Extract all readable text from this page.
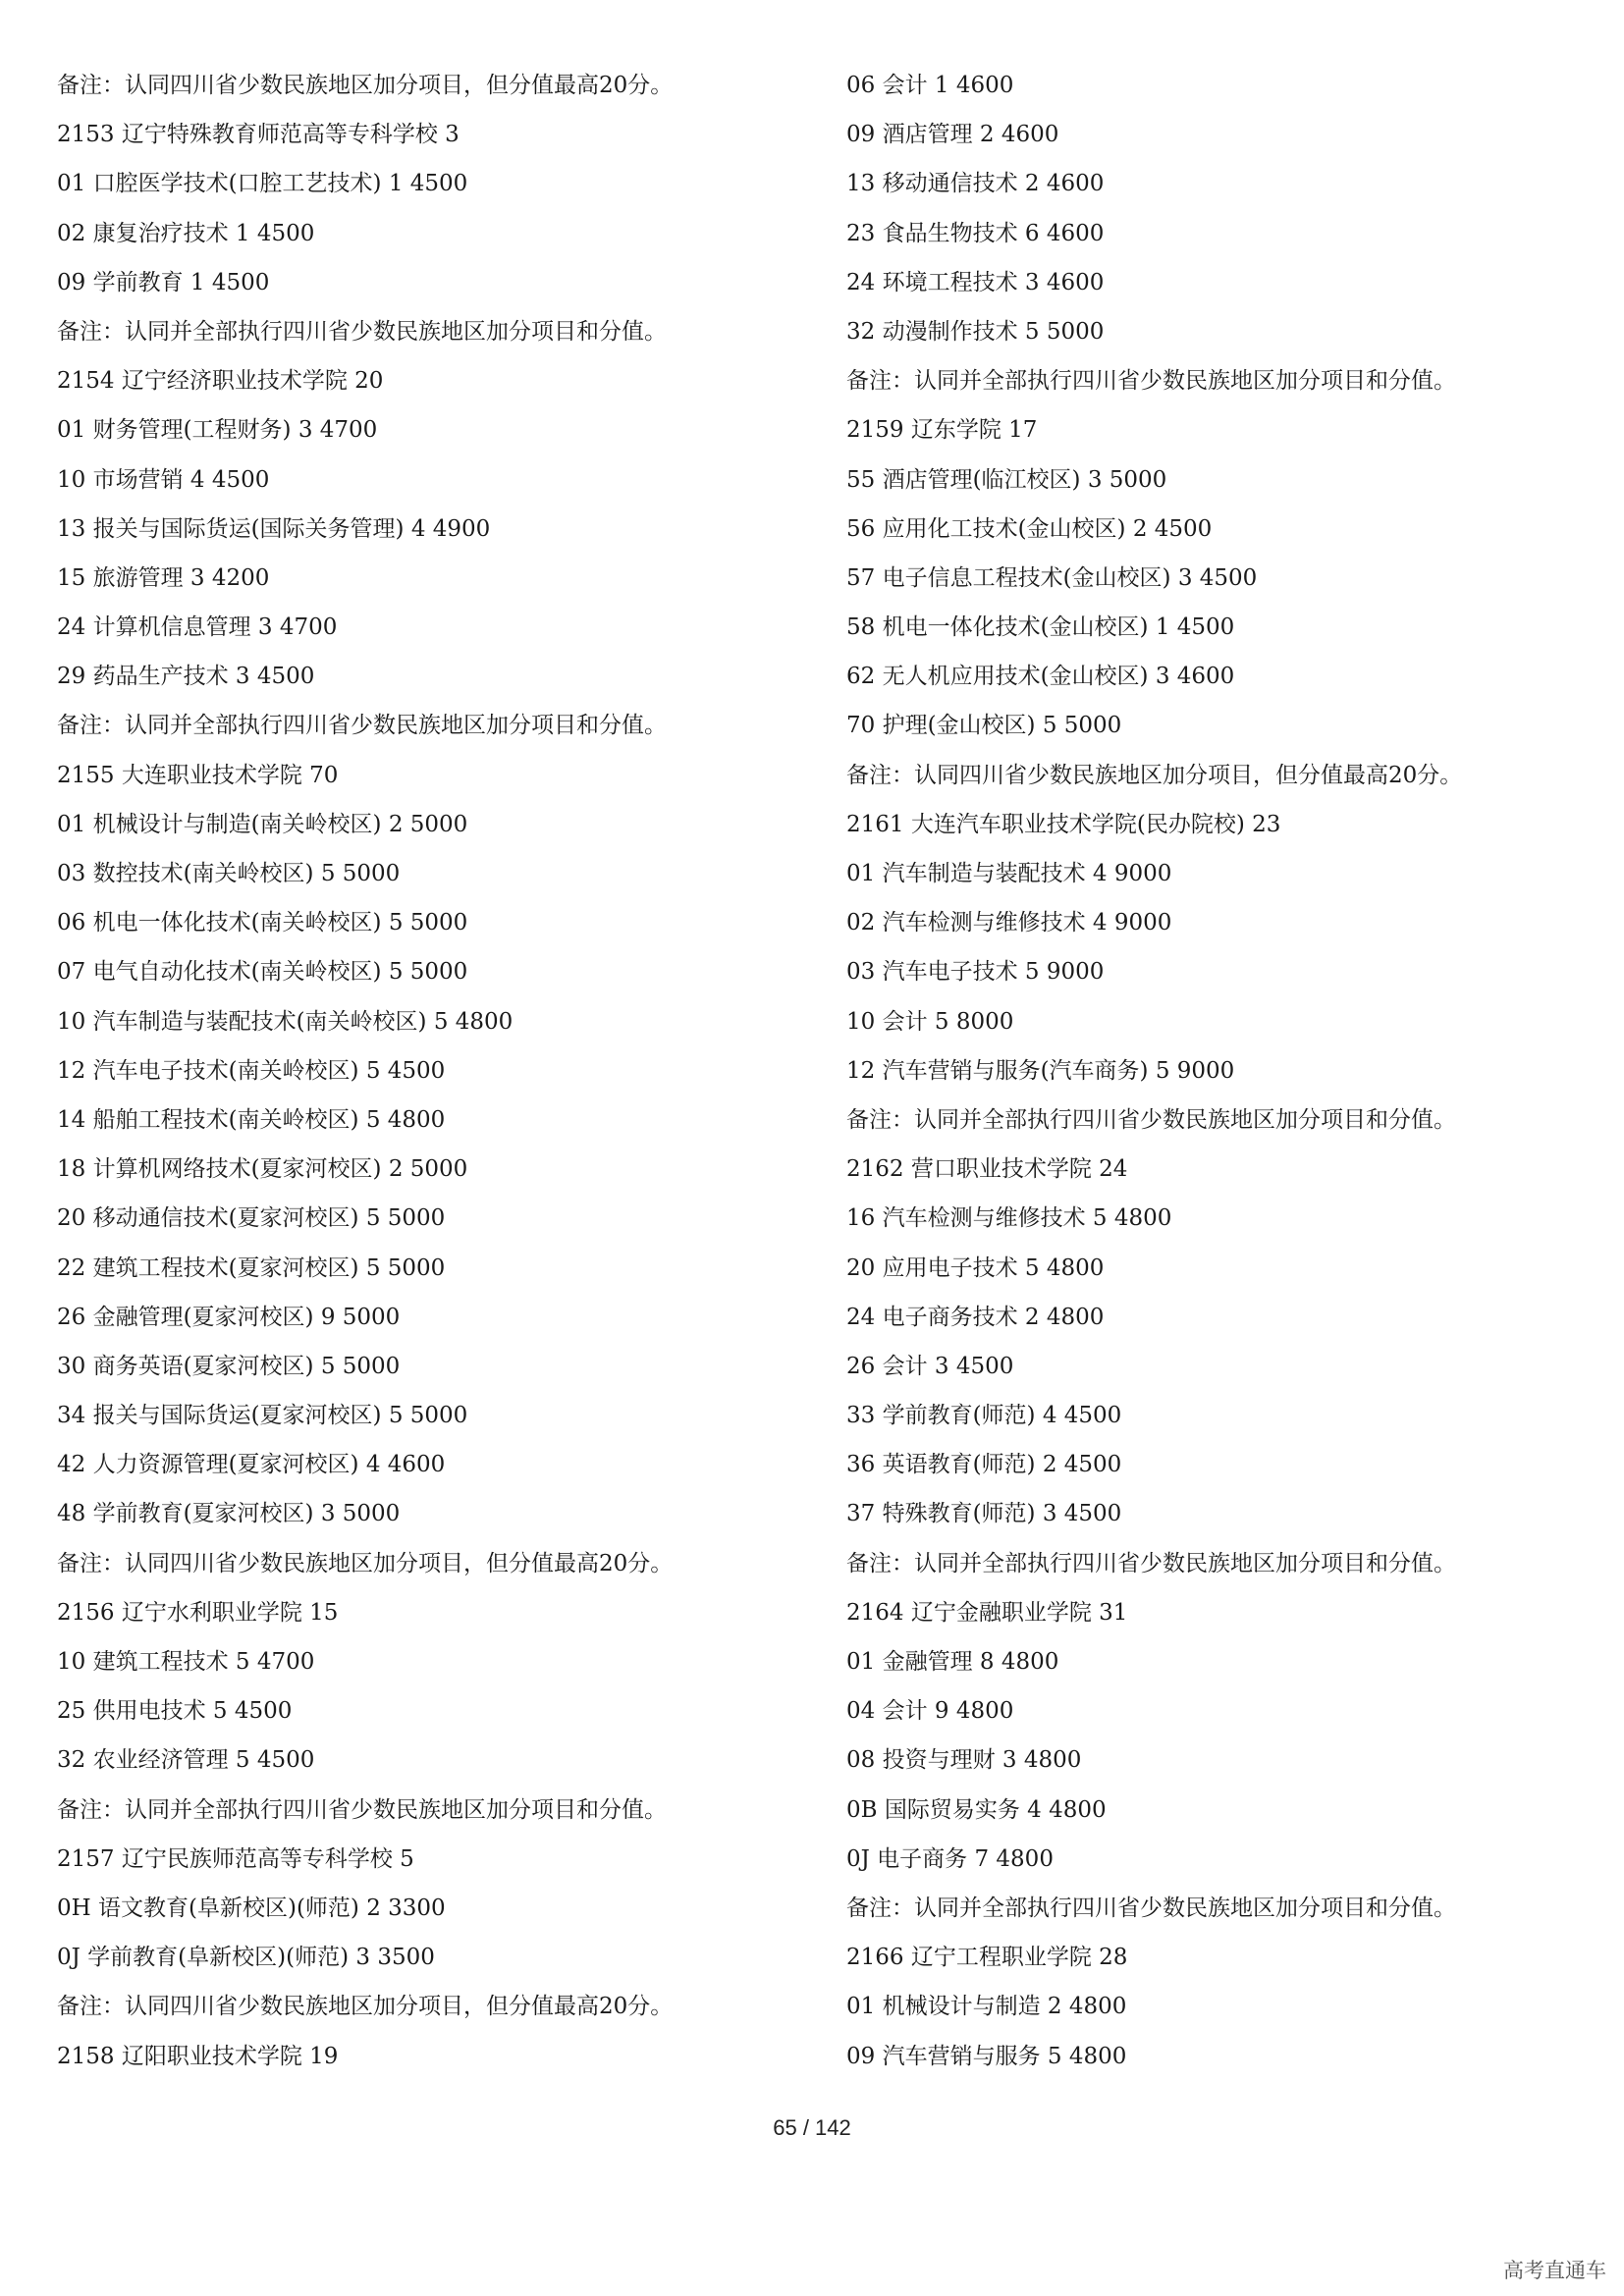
备注：认同四川省少数民族地区加分项目，但分值最高20分。
2153 辽宁特殊教育师范高等专科学校 3
01 口腔医学技术(口腔工艺技术) 1 4500
02 康复治疗技术 1 4500
09 学前教育 1 4500
备注：认同并全部执行四川省少数民族地区加分项目和分值。
2154 辽宁经济职业技术学院 20
01 财务管理(工程财务) 3 4700
10 市场营销 4 4500
13 报关与国际货运(国际关务管理) 4 4900
15 旅游管理 3 4200
24 计算机信息管理 3 4700
29 药品生产技术 3 4500
备注：认同并全部执行四川省少数民族地区加分项目和分值。
2155 大连职业技术学院 70
01 机械设计与制造(南关岭校区) 2 5000
03 数控技术(南关岭校区) 5 5000
06 机电一体化技术(南关岭校区) 5 5000
07 电气自动化技术(南关岭校区) 5 5000
10 汽车制造与装配技术(南关岭校区) 5 4800
12 汽车电子技术(南关岭校区) 5 4500
14 船舶工程技术(南关岭校区) 5 4800
18 计算机网络技术(夏家河校区) 2 5000
20 移动通信技术(夏家河校区) 5 5000
22 建筑工程技术(夏家河校区) 5 5000
26 金融管理(夏家河校区) 9 5000
30 商务英语(夏家河校区) 5 5000
34 报关与国际货运(夏家河校区) 5 5000
42 人力资源管理(夏家河校区) 4 4600
48 学前教育(夏家河校区) 3 5000
备注：认同四川省少数民族地区加分项目，但分值最高20分。
2156 辽宁水利职业学院 15
10 建筑工程技术 5 4700
25 供用电技术 5 4500
32 农业经济管理 5 4500
备注：认同并全部执行四川省少数民族地区加分项目和分值。
2157 辽宁民族师范高等专科学校 5
0H 语文教育(阜新校区)(师范) 2 3300
0J 学前教育(阜新校区)(师范) 3 3500
备注：认同四川省少数民族地区加分项目，但分值最高20分。
2158 辽阳职业技术学院 19
06 会计 1 4600
09 酒店管理 2 4600
13 移动通信技术 2 4600
23 食品生物技术 6 4600
24 环境工程技术 3 4600
32 动漫制作技术 5 5000
备注：认同并全部执行四川省少数民族地区加分项目和分值。
2159 辽东学院 17
55 酒店管理(临江校区) 3 5000
56 应用化工技术(金山校区) 2 4500
57 电子信息工程技术(金山校区) 3 4500
58 机电一体化技术(金山校区) 1 4500
62 无人机应用技术(金山校区) 3 4600
70 护理(金山校区) 5 5000
备注：认同四川省少数民族地区加分项目，但分值最高20分。
2161 大连汽车职业技术学院(民办院校) 23
01 汽车制造与装配技术 4 9000
02 汽车检测与维修技术 4 9000
03 汽车电子技术 5 9000
10 会计 5 8000
12 汽车营销与服务(汽车商务) 5 9000
备注：认同并全部执行四川省少数民族地区加分项目和分值。
2162 营口职业技术学院 24
16 汽车检测与维修技术 5 4800
20 应用电子技术 5 4800
24 电子商务技术 2 4800
26 会计 3 4500
33 学前教育(师范) 4 4500
36 英语教育(师范) 2 4500
37 特殊教育(师范) 3 4500
备注：认同并全部执行四川省少数民族地区加分项目和分值。
2164 辽宁金融职业学院 31
01 金融管理 8 4800
04 会计 9 4800
08 投资与理财 3 4800
0B 国际贸易实务 4 4800
0J 电子商务 7 4800
备注：认同并全部执行四川省少数民族地区加分项目和分值。
2166 辽宁工程职业学院 28
01 机械设计与制造 2 4800
09 汽车营销与服务 5 4800
65 / 142
高考直通车
